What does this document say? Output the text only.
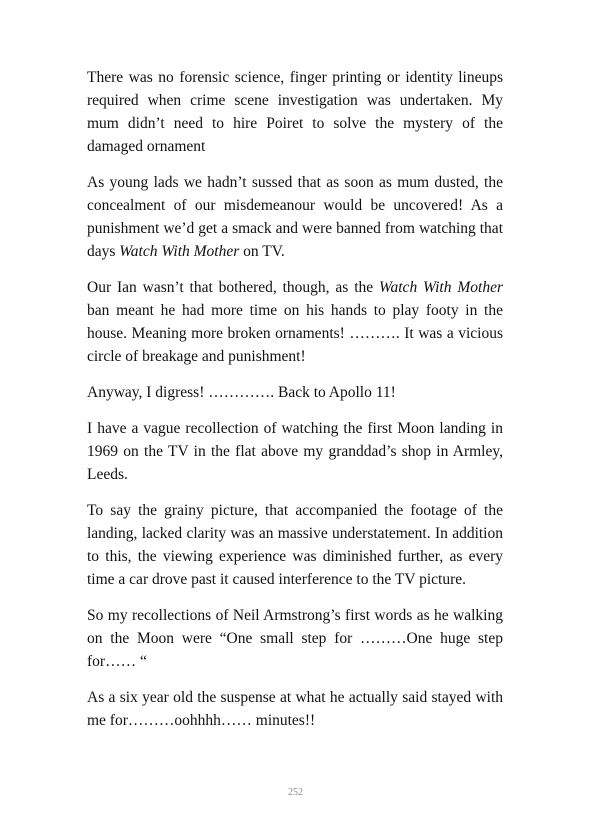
There was no forensic science, finger printing or identity lineups required when crime scene investigation was undertaken. My mum didn’t need to hire Poiret to solve the mystery of the damaged ornament

As young lads we hadn’t sussed that as soon as mum dusted, the concealment of our misdemeanour would be uncovered! As a punishment we’d get a smack and were banned from watching that days Watch With Mother on TV.

Our Ian wasn’t that bothered, though, as the Watch With Mother ban meant he had more time on his hands to play footy in the house. Meaning more broken ornaments! ………. It was a vicious circle of breakage and punishment!

Anyway, I digress! …………. Back to Apollo 11!

I have a vague recollection of watching the first Moon landing in 1969 on the TV in the flat above my granddad’s shop in Armley, Leeds.

To say the grainy picture, that accompanied the footage of the landing, lacked clarity was an massive understatement. In addition to this, the viewing experience was diminished further, as every time a car drove past it caused interference to the TV picture.

So my recollections of Neil Armstrong’s first words as he walking on the Moon were “One small step for ………One huge step for…… “

As a six year old the suspense at what he actually said stayed with me for………oohhhh…… minutes!!

252
